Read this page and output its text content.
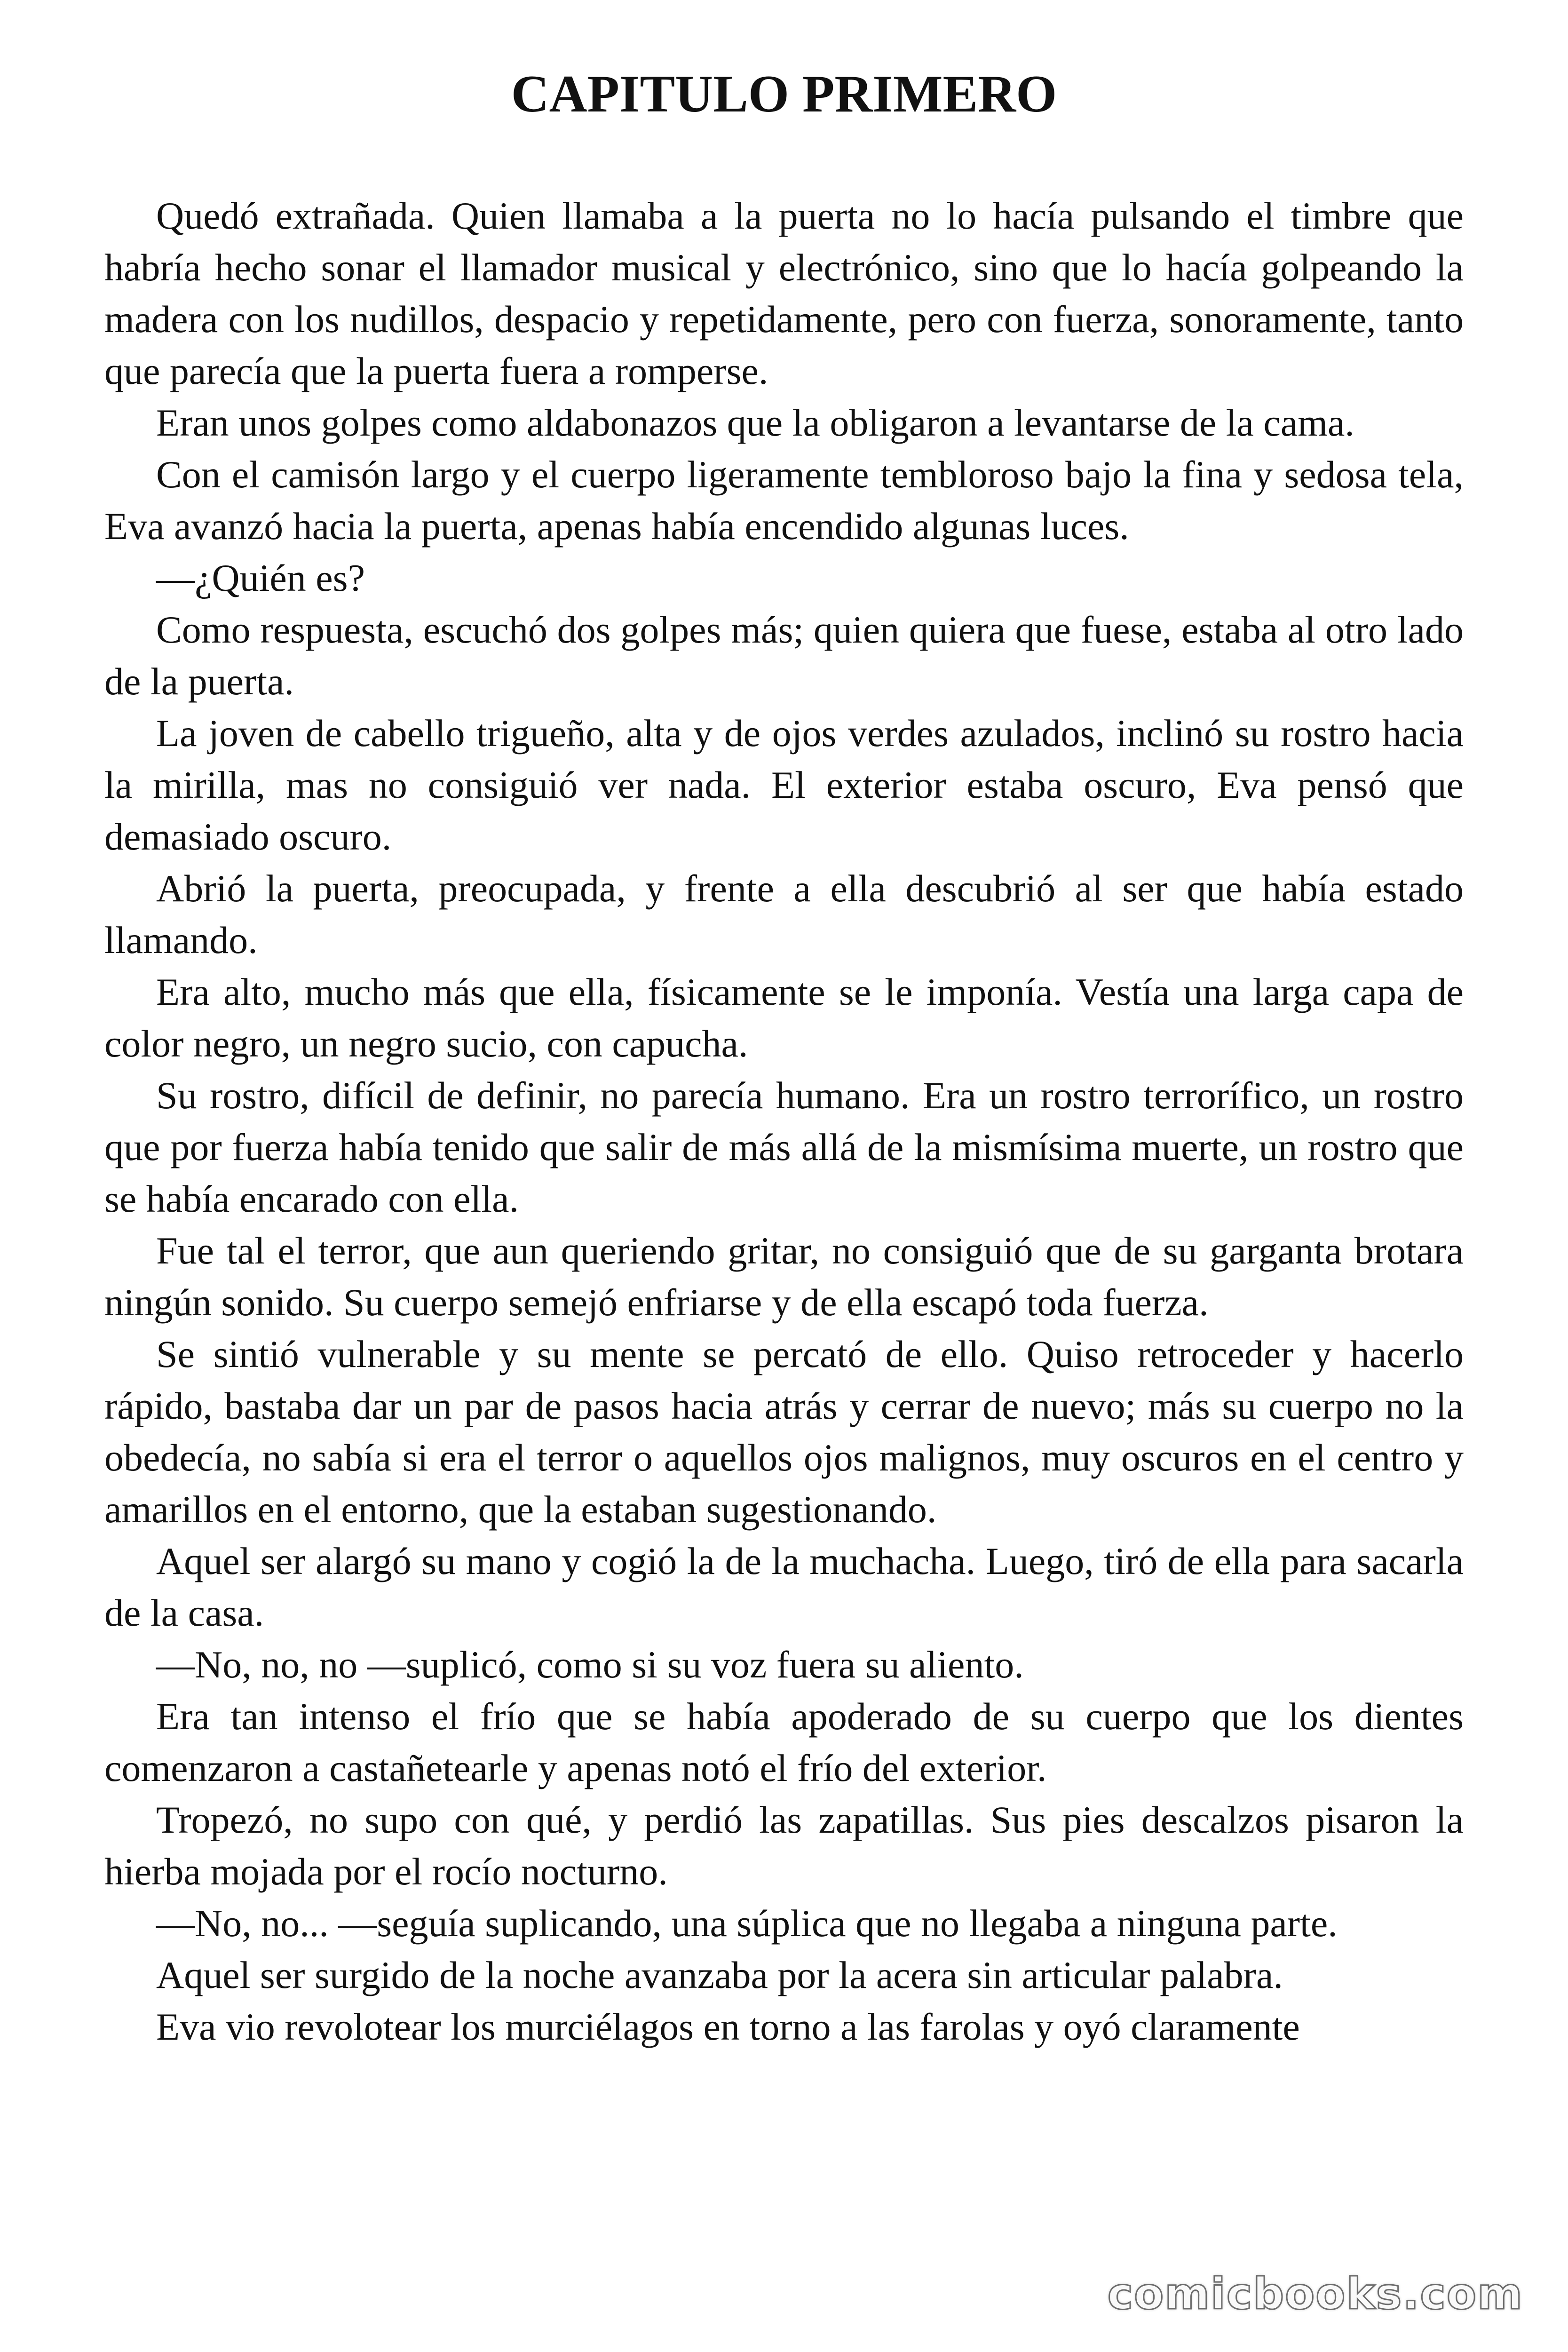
CAPITULO PRIMERO

Quedó extrañada. Quien llamaba a la puerta no lo hacía pulsando el timbre que habría hecho sonar el llamador musical y electrónico, sino que lo hacía golpeando la madera con los nudillos, despacio y repetidamente, pero con fuerza, sonoramente, tanto que parecía que la puerta fuera a romperse.

Eran unos golpes como aldabonazos que la obligaron a levantarse de la cama.

Con el camisón largo y el cuerpo ligeramente tembloroso bajo la fina y sedosa tela, Eva avanzó hacia la puerta, apenas había encendido algunas luces.

—¿Quién es?

Como respuesta, escuchó dos golpes más; quien quiera que fuese, estaba al otro lado de la puerta.

La joven de cabello trigueño, alta y de ojos verdes azulados, inclinó su rostro hacia la mirilla, mas no consiguió ver nada. El exterior estaba oscuro, Eva pensó que demasiado oscuro.

Abrió la puerta, preocupada, y frente a ella descubrió al ser que había estado llamando.

Era alto, mucho más que ella, físicamente se le imponía. Vestía una larga capa de color negro, un negro sucio, con capucha.

Su rostro, difícil de definir, no parecía humano. Era un rostro terrorífico, un rostro que por fuerza había tenido que salir de más allá de la mismísima muerte, un rostro que se había encarado con ella.

Fue tal el terror, que aun queriendo gritar, no consiguió que de su garganta brotara ningún sonido. Su cuerpo semejó enfriarse y de ella escapó toda fuerza.

Se sintió vulnerable y su mente se percató de ello. Quiso retroceder y hacerlo rápido, bastaba dar un par de pasos hacia atrás y cerrar de nuevo; más su cuerpo no la obedecía, no sabía si era el terror o aquellos ojos malignos, muy oscuros en el centro y amarillos en el entorno, que la estaban sugestionando.

Aquel ser alargó su mano y cogió la de la muchacha. Luego, tiró de ella para sacarla de la casa.

—No, no, no —suplicó, como si su voz fuera su aliento.

Era tan intenso el frío que se había apoderado de su cuerpo que los dientes comenzaron a castañetearle y apenas notó el frío del exterior.

Tropezó, no supo con qué, y perdió las zapatillas. Sus pies descalzos pisaron la hierba mojada por el rocío nocturno.

—No, no... —seguía suplicando, una súplica que no llegaba a ninguna parte.

Aquel ser surgido de la noche avanzaba por la acera sin articular palabra.

Eva vio revolotear los murciélagos en torno a las farolas y oyó claramente

comicbooks.com
